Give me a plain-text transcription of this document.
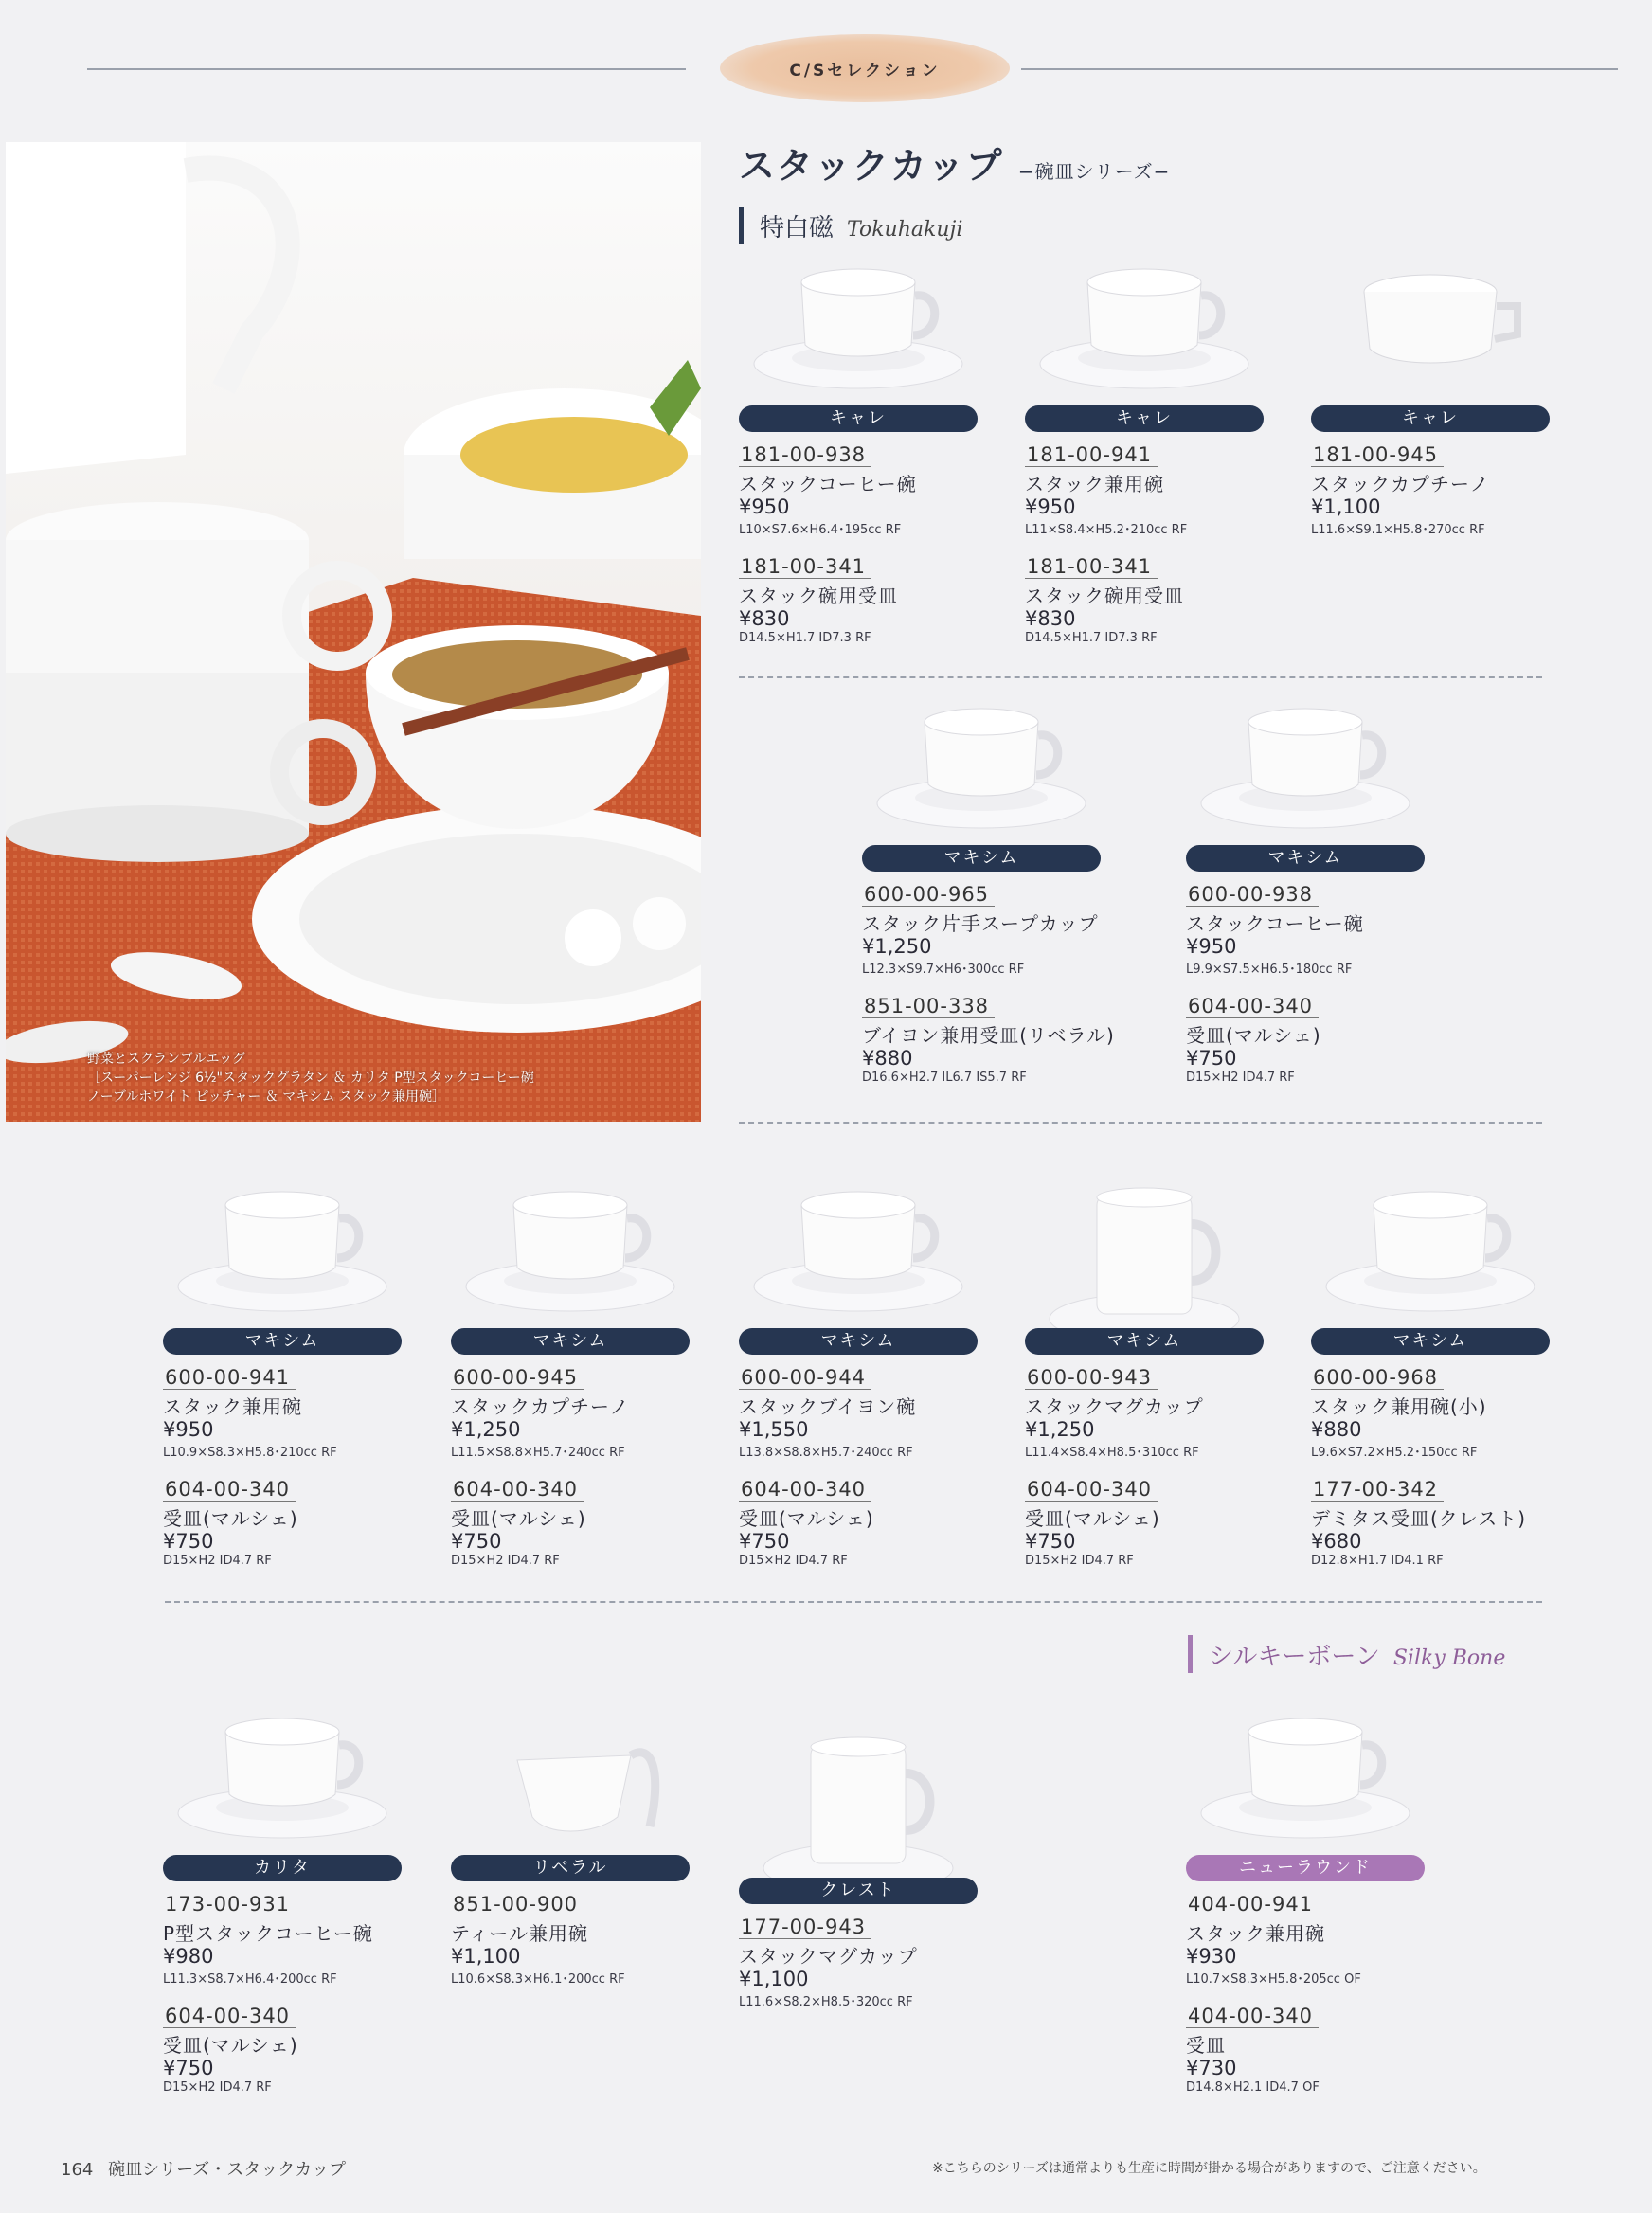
C/Sセレクション
野菜とスクランブルエッグ
［スーパーレンジ 6½"スタックグラタン ＆ カリタ P型スタックコーヒー碗
ノーブルホワイト ピッチャー ＆ マキシム スタック兼用碗］
スタックカップ −碗皿シリーズ−
特白磁 Tokuhakuji
シルキーボーン Silky Bone
キャレ
181-00-938
スタックコーヒー碗
¥950
L10×S7.6×H6.4･195cc RF
181-00-341
スタック碗用受皿
¥830
D14.5×H1.7 ID7.3 RF
キャレ
181-00-941
スタック兼用碗
¥950
L11×S8.4×H5.2･210cc RF
181-00-341
スタック碗用受皿
¥830
D14.5×H1.7 ID7.3 RF
キャレ
181-00-945
スタックカプチーノ
¥1,100
L11.6×S9.1×H5.8･270cc RF
マキシム
600-00-965
スタック片手スープカップ
¥1,250
L12.3×S9.7×H6･300cc RF
851-00-338
ブイヨン兼用受皿(リベラル)
¥880
D16.6×H2.7 IL6.7 IS5.7 RF
マキシム
600-00-938
スタックコーヒー碗
¥950
L9.9×S7.5×H6.5･180cc RF
604-00-340
受皿(マルシェ)
¥750
D15×H2 ID4.7 RF
マキシム
600-00-941
スタック兼用碗
¥950
L10.9×S8.3×H5.8･210cc RF
604-00-340
受皿(マルシェ)
¥750
D15×H2 ID4.7 RF
マキシム
600-00-945
スタックカプチーノ
¥1,250
L11.5×S8.8×H5.7･240cc RF
604-00-340
受皿(マルシェ)
¥750
D15×H2 ID4.7 RF
マキシム
600-00-944
スタックブイヨン碗
¥1,550
L13.8×S8.8×H5.7･240cc RF
604-00-340
受皿(マルシェ)
¥750
D15×H2 ID4.7 RF
マキシム
600-00-943
スタックマグカップ
¥1,250
L11.4×S8.4×H8.5･310cc RF
604-00-340
受皿(マルシェ)
¥750
D15×H2 ID4.7 RF
マキシム
600-00-968
スタック兼用碗(小)
¥880
L9.6×S7.2×H5.2･150cc RF
177-00-342
デミタス受皿(クレスト)
¥680
D12.8×H1.7 ID4.1 RF
カリタ
173-00-931
P型スタックコーヒー碗
¥980
L11.3×S8.7×H6.4･200cc RF
604-00-340
受皿(マルシェ)
¥750
D15×H2 ID4.7 RF
リベラル
851-00-900
ティール兼用碗
¥1,100
L10.6×S8.3×H6.1･200cc RF
クレスト
177-00-943
スタックマグカップ
¥1,100
L11.6×S8.2×H8.5･320cc RF
ニューラウンド
404-00-941
スタック兼用碗
¥930
L10.7×S8.3×H5.8･205cc OF
404-00-340
受皿
¥730
D14.8×H2.1 ID4.7 OF
164 碗皿シリーズ・スタックカップ	※こちらのシリーズは通常よりも生産に時間が掛かる場合がありますので、ご注意ください。
